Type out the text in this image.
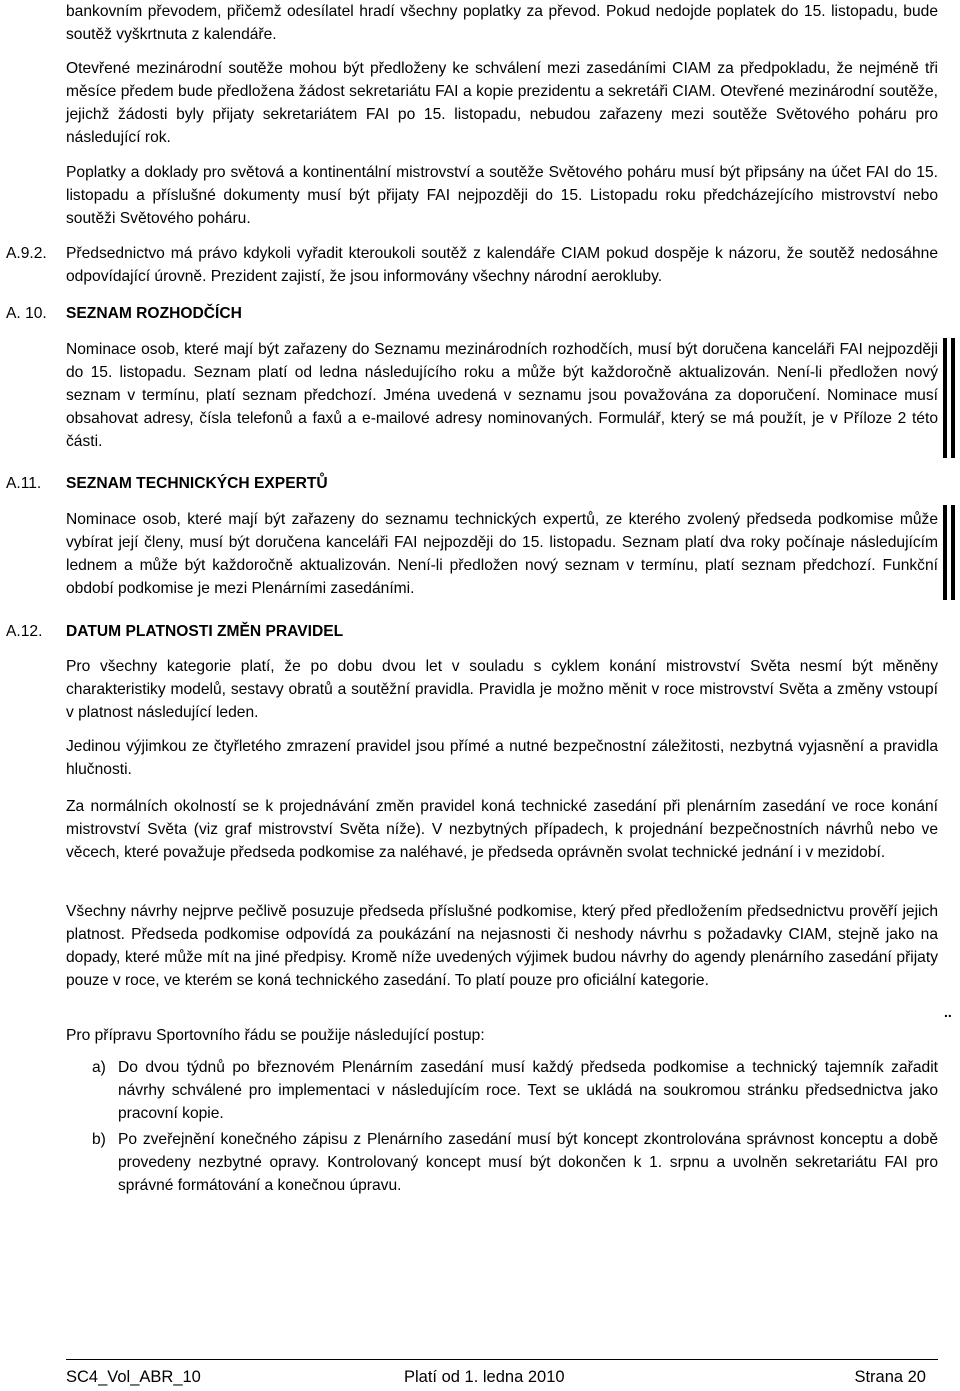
bankovním převodem, přičemž odesílatel hradí všechny poplatky za převod. Pokud nedojde poplatek do 15. listopadu, bude soutěž vyškrtnuta z kalendáře.

Otevřené mezinárodní soutěže mohou být předloženy ke schválení mezi zasedáními CIAM za předpokladu, že nejméně tři měsíce předem bude předložena žádost sekretariátu FAI a kopie prezidentu a sekretáři CIAM. Otevřené mezinárodní soutěže, jejichž žádosti byly přijaty sekretariátem FAI po 15. listopadu, nebudou zařazeny mezi soutěže Světového poháru pro následující rok.

Poplatky a doklady pro světová a kontinentální mistrovství a soutěže Světového poháru musí být připsány na účet FAI do 15. listopadu a příslušné dokumenty musí být přijaty FAI nejpozději do 15. Listopadu roku předcházejícího mistrovství nebo soutěži Světového poháru.

A.9.2. Předsednictvo má právo kdykoli vyřadit kteroukoli soutěž z kalendáře CIAM pokud dospěje k názoru, že soutěž nedosáhne odpovídající úrovně. Prezident zajistí, že jsou informovány všechny národní aerokluby.

A. 10. SEZNAM ROZHODČÍCH

Nominace osob, které mají být zařazeny do Seznamu mezinárodních rozhodčích, musí být doručena kanceláři FAI nejpozději do 15. listopadu. Seznam platí od ledna následujícího roku a může být každoročně aktualizován. Není-li předložen nový seznam v termínu, platí seznam předchozí. Jména uvedená v seznamu jsou považována za doporučení. Nominace musí obsahovat adresy, čísla telefonů a faxů a e-mailové adresy nominovaných. Formulář, který se má použít, je v Příloze 2 této části.

A.11. SEZNAM TECHNICKÝCH EXPERTŮ

Nominace osob, které mají být zařazeny do seznamu technických expertů, ze kterého zvolený předseda podkomise může vybírat její členy, musí být doručena kanceláři FAI nejpozději do 15. listopadu. Seznam platí dva roky počínaje následujícím lednem a může být každoročně aktualizován. Není-li předložen nový seznam v termínu, platí seznam předchozí. Funkční období podkomise je mezi Plenárními zasedáními.

A.12. DATUM PLATNOSTI ZMĚN PRAVIDEL

Pro všechny kategorie platí, že po dobu dvou let v souladu s cyklem konání mistrovství Světa nesmí být měněny charakteristiky modelů, sestavy obratů a soutěžní pravidla. Pravidla je možno měnit v roce mistrovství Světa a změny vstoupí v platnost následující leden.

Jedinou výjimkou ze čtyřletého zmrazení pravidel jsou přímé a nutné bezpečnostní záležitosti, nezbytná vyjasnění a pravidla hlučnosti.

Za normálních okolností se k projednávání změn pravidel koná technické zasedání při plenárním zasedání ve roce konání mistrovství Světa (viz graf mistrovství Světa níže). V nezbytných případech, k projednání bezpečnostních návrhů nebo ve věcech, které považuje předseda podkomise za naléhavé, je předseda oprávněn svolat technické jednání i v mezidobí.

Všechny návrhy nejprve pečlivě posuzuje předseda příslušné podkomise, který před předložením předsednictvu prověří jejich platnost. Předseda podkomise odpovídá za poukázání na nejasnosti či neshody návrhu s požadavky CIAM, stejně jako na dopady, které může mít na jiné předpisy. Kromě níže uvedených výjimek budou návrhy do agendy plenárního zasedání přijaty pouze v roce, ve kterém se koná technického zasedání. To platí pouze pro oficiální kategorie.

Pro přípravu Sportovního řádu se použije následující postup:

a) Do dvou týdnů po březnovém Plenárním zasedání musí každý předseda podkomise a technický tajemník zařadit návrhy schválené pro implementaci v následujícím roce. Text se ukládá na soukromou stránku předsednictva jako pracovní kopie.
b) Po zveřejnění konečného zápisu z Plenárního zasedání musí být koncept zkontrolována správnost konceptu a době provedeny nezbytné opravy. Kontrolovaný koncept musí být dokončen k 1. srpnu a uvolněn sekretariátu FAI pro správné formátování a konečnou úpravu.
..
SC4_Vol_ABR_10	Platí od 1. ledna 2010	Strana 20
